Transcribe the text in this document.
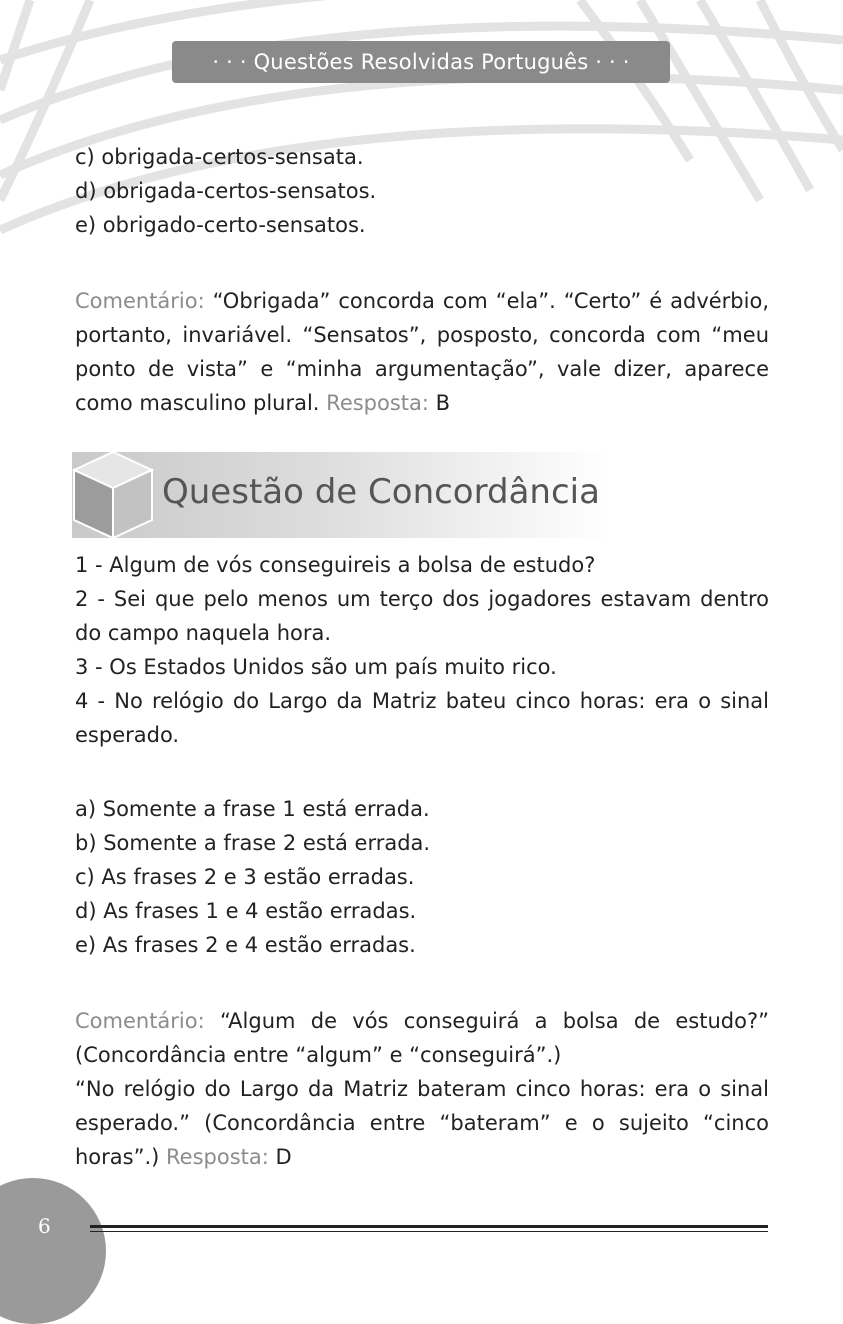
· · · Questões Resolvidas Português · · ·

c) obrigada-certos-sensata.

d) obrigada-certos-sensatos.

e) obrigado-certo-sensatos.

Comentário: “Obrigada” concorda com “ela”. “Certo” é advérbio, portanto, invariável. “Sensatos”, posposto, concorda com “meu ponto de vista” e “minha argumentação”, vale dizer, aparece como masculino plural. Resposta: B

Questão de Concordância

1 - Algum de vós conseguireis a bolsa de estudo?

2 - Sei que pelo menos um terço dos jogadores estavam dentro do campo naquela hora.

3 - Os Estados Unidos são um país muito rico.

4 - No relógio do Largo da Matriz bateu cinco horas: era o sinal esperado.

a) Somente a frase 1 está errada.

b) Somente a frase 2 está errada.

c) As frases 2 e 3 estão erradas.

d) As frases 1 e 4 estão erradas.

e) As frases 2 e 4 estão erradas.

Comentário: “Algum de vós conseguirá a bolsa de estudo?” (Concordância entre “algum” e “conseguirá”.)

“No relógio do Largo da Matriz bateram cinco horas: era o sinal esperado.” (Concordância entre “bateram” e o sujeito “cinco horas”.) Resposta: D

6
